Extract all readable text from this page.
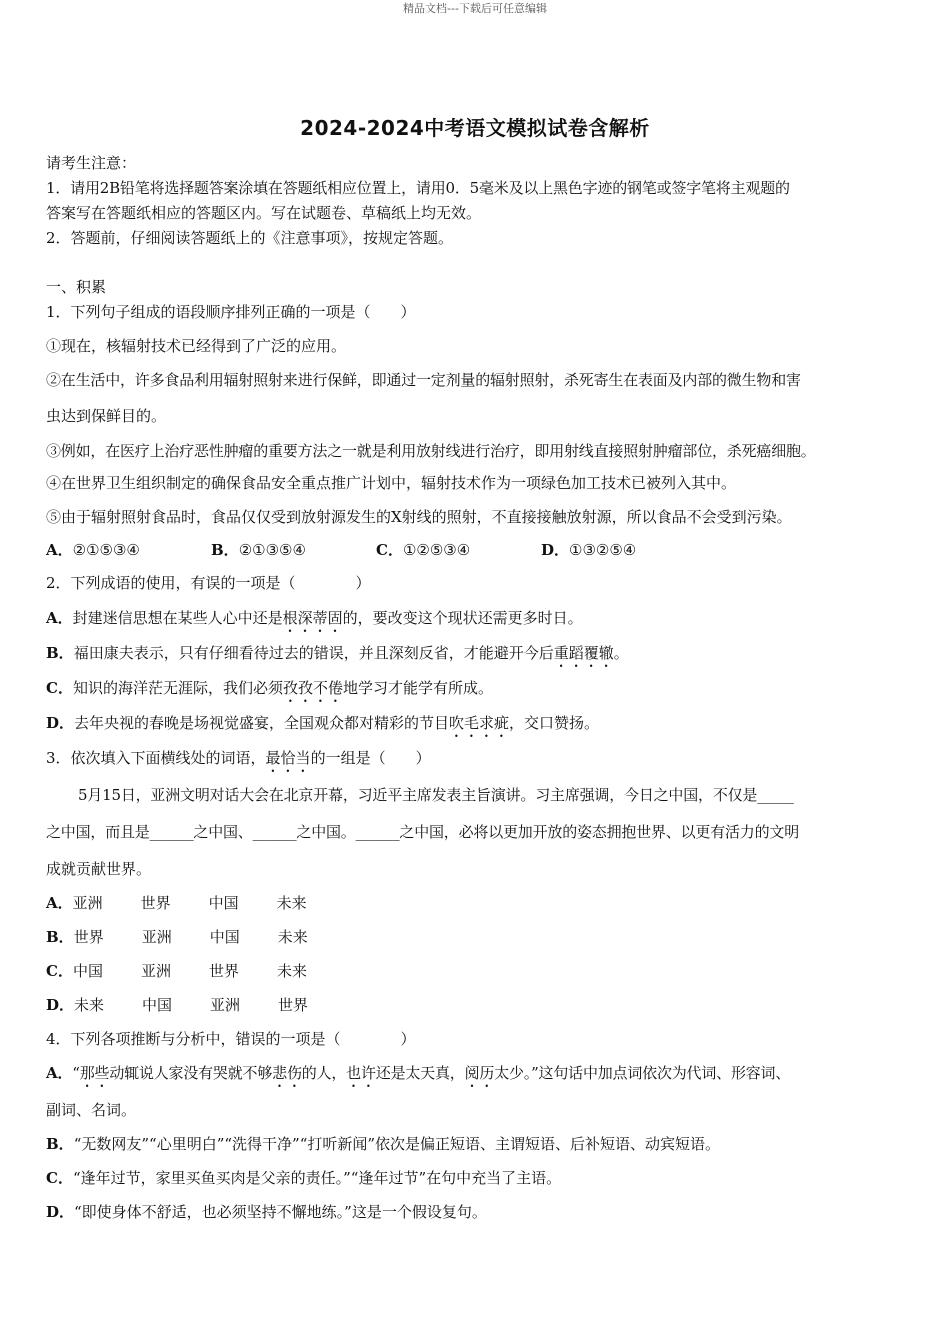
精品文档---下载后可任意编辑
2024-2024中考语文模拟试卷含解析
请考生注意：
1．请用2B铅笔将选择题答案涂填在答题纸相应位置上，请用0．5毫米及以上黑色字迹的钢笔或签字笔将主观题的
答案写在答题纸相应的答题区内。写在试题卷、草稿纸上均无效。
2．答题前，仔细阅读答题纸上的《注意事项》，按规定答题。
一、积累
1．下列句子组成的语段顺序排列正确的一项是（　　）
①现在，核辐射技术已经得到了广泛的应用。
②在生活中，许多食品利用辐射照射来进行保鲜，即通过一定剂量的辐射照射，杀死寄生在表面及内部的微生物和害
虫达到保鲜目的。
③例如，在医疗上治疗恶性肿瘤的重要方法之一就是利用放射线进行治疗，即用射线直接照射肿瘤部位，杀死癌细胞。
④在世界卫生组织制定的确保食品安全重点推广计划中，辐射技术作为一项绿色加工技术已被列入其中。
⑤由于辐射照射食品时，食品仅仅受到放射源发生的X射线的照射，不直接接触放射源，所以食品不会受到污染。
A．②①⑤③④	B．②①③⑤④	C．①②⑤③④	D．①③②⑤④
2．下列成语的使用，有误的一项是（　　　　）
A．封建迷信思想在某些人心中还是根深蒂固的，要改变这个现状还需更多时日。
B．福田康夫表示，只有仔细看待过去的错误，并且深刻反省，才能避开今后重蹈覆辙。
C．知识的海洋茫无涯际，我们必须孜孜不倦地学习才能学有所成。
D．去年央视的春晚是场视觉盛宴，全国观众都对精彩的节目吹毛求疵，交口赞扬。
3．依次填入下面横线处的词语，最恰当的一组是（　　）
5月15日，亚洲文明对话大会在北京开幕，习近平主席发表主旨演讲。习主席强调，今日之中国，不仅是_____
之中国，而且是______之中国、______之中国。______之中国，必将以更加开放的姿态拥抱世界、以更有活力的文明
成就贡献世界。
A．亚洲	世界	中国	未来
B．世界	亚洲	中国	未来
C．中国	亚洲	世界	未来
D．未来	中国	亚洲	世界
4．下列各项推断与分析中，错误的一项是（　　　　）
A．“那些动辄说人家没有哭就不够悲伤的人，也许还是太天真，阅历太少。”这句话中加点词依次为代词、形容词、
副词、名词。
B．“无数网友”“心里明白”“洗得干净”“打听新闻”依次是偏正短语、主谓短语、后补短语、动宾短语。
C．“逢年过节，家里买鱼买肉是父亲的责任。”“逢年过节”在句中充当了主语。
D．“即使身体不舒适，也必须坚持不懈地练。”这是一个假设复句。
